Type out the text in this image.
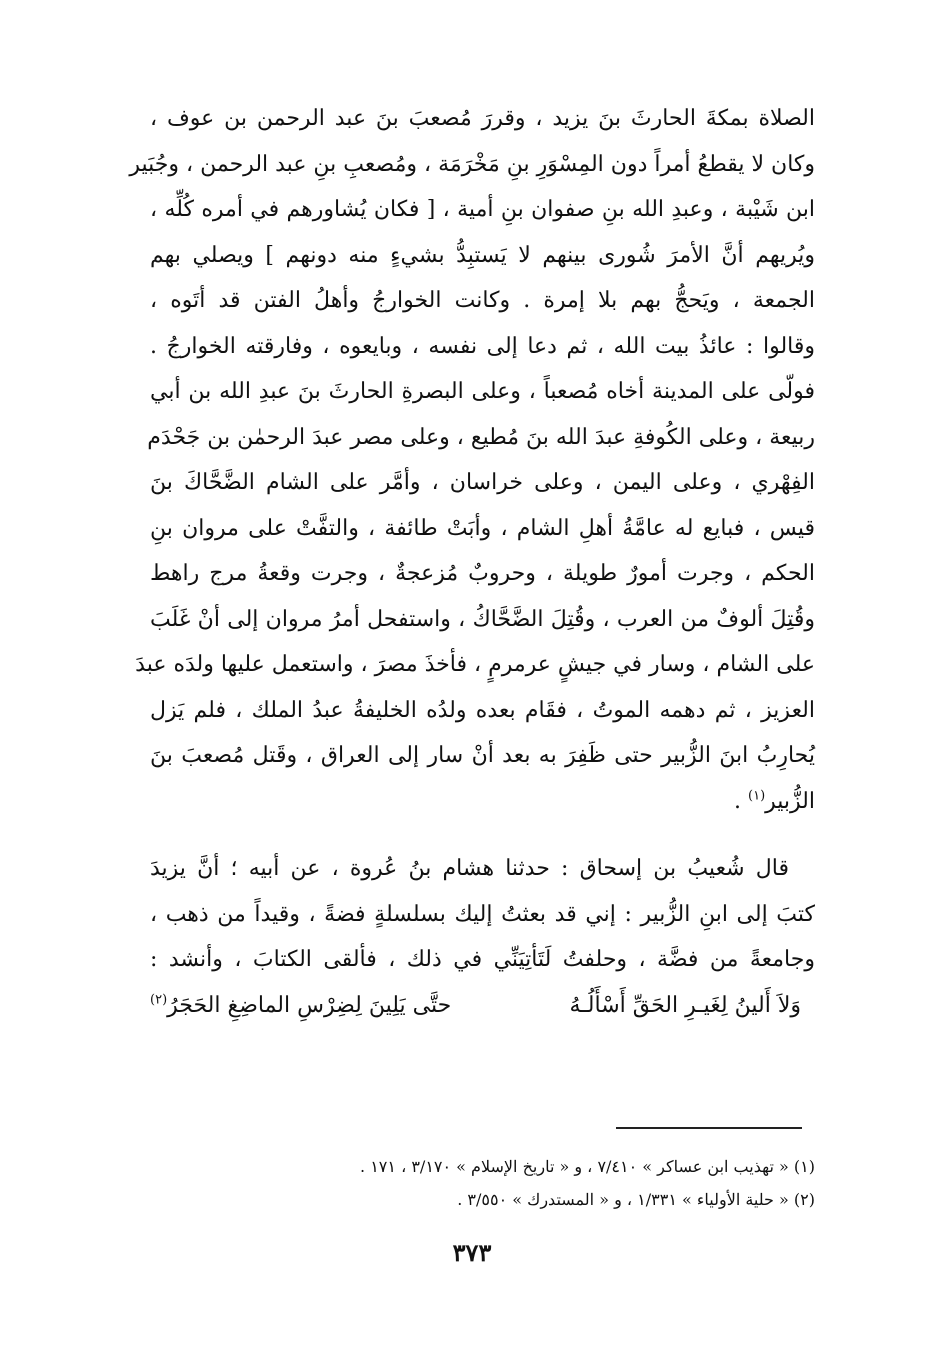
الصلاة بمكةَ الحارثَ بنَ يزيد ، وقررَ مُصعبَ بنَ عبد الرحمن بن عوف ،
وكان لا يقطعُ أمراً دون المِسْوَرِ بنِ مَخْرَمَة ، ومُصعبِ بنِ عبد الرحمن ، وجُبَير
ابن شَيْبة ، وعبدِ الله بنِ صفوان بنِ أمية ، [ فكان يُشاورهم في أمره كُلِّه ،
ويُريهم أنَّ الأمرَ شُورى بينهم لا يَستبِدُّ بشيءٍ منه دونهم ] ويصلي بهم
الجمعة ، ويَحجُّ بهم بلا إمرة . وكانت الخوارجُ وأهلُ الفتن قد أتَوه ،
وقالوا : عائذُ بيت الله ، ثم دعا إلى نفسه ، وبايعوه ، وفارقته الخوارجُ .
فولّى على المدينة أخاه مُصعباً ، وعلى البصرةِ الحارثَ بنَ عبدِ الله بن أبي
ربيعة ، وعلى الكُوفةِ عبدَ الله بنَ مُطيع ، وعلى مصر عبدَ الرحمٰن بن جَحْدَم
الفِهْري ، وعلى اليمن ، وعلى خراسان ، وأمَّر على الشام الضَّحَّاكَ بنَ
قيس ، فبايع له عامَّةُ أهلِ الشام ، وأبَتْ طائفة ، والتفَّتْ على مروان بنِ
الحكم ، وجرت أمورٌ طويلة ، وحروبٌ مُزعجةٌ ، وجرت وقعةُ مرج راهط
وقُتِلَ ألوفٌ من العرب ، وقُتِلَ الضَّحَّاكُ ، واستفحل أمرُ مروان إلى أنْ غَلَبَ
على الشام ، وسار في جيشٍ عرمرمٍ ، فأخذَ مصرَ ، واستعمل عليها ولدَه عبدَ
العزيز ، ثم دهمه الموتُ ، فقَام بعده ولدُه الخليفةُ عبدُ الملك ، فلم يَزل
يُحارِبُ ابنَ الزُّبير حتى ظَفِرَ به بعد أنْ سار إلى العراق ، وقَتل مُصعبَ بنَ
الزُّبير$^{(١)}$ .
قال شُعيبُ بن إسحاق : حدثنا هشام بنُ عُروة ، عن أبيه ؛ أنَّ يزيدَ
كتبَ إلى ابنِ الزُّبير : إني قد بعثتُ إليك بسلسلةٍ فضةً ، وقيداً من ذهب ،
وجامعةً من فضَّة ، وحلفتُ لَتَأتِيَنِّي في ذلك ، فألقى الكتابَ ، وأنشد :
وَلاَ أَلينُ لِغَيـرِ الحَقِّ أَسْأَلُـهُ
حتَّى يَلِينَ لِضِرْسِ الماضِغِ الحَجَرُ$^{(٢)}$
(١) « تهذيب ابن عساكر » ٧/٤١٠ ، و « تاريخ الإسلام » ٣/١٧٠ ، ١٧١ .
(٢) « حلية الأولياء » ١/٣٣١ ، و « المستدرك » ٣/٥٥٠ .
٣٧٣
